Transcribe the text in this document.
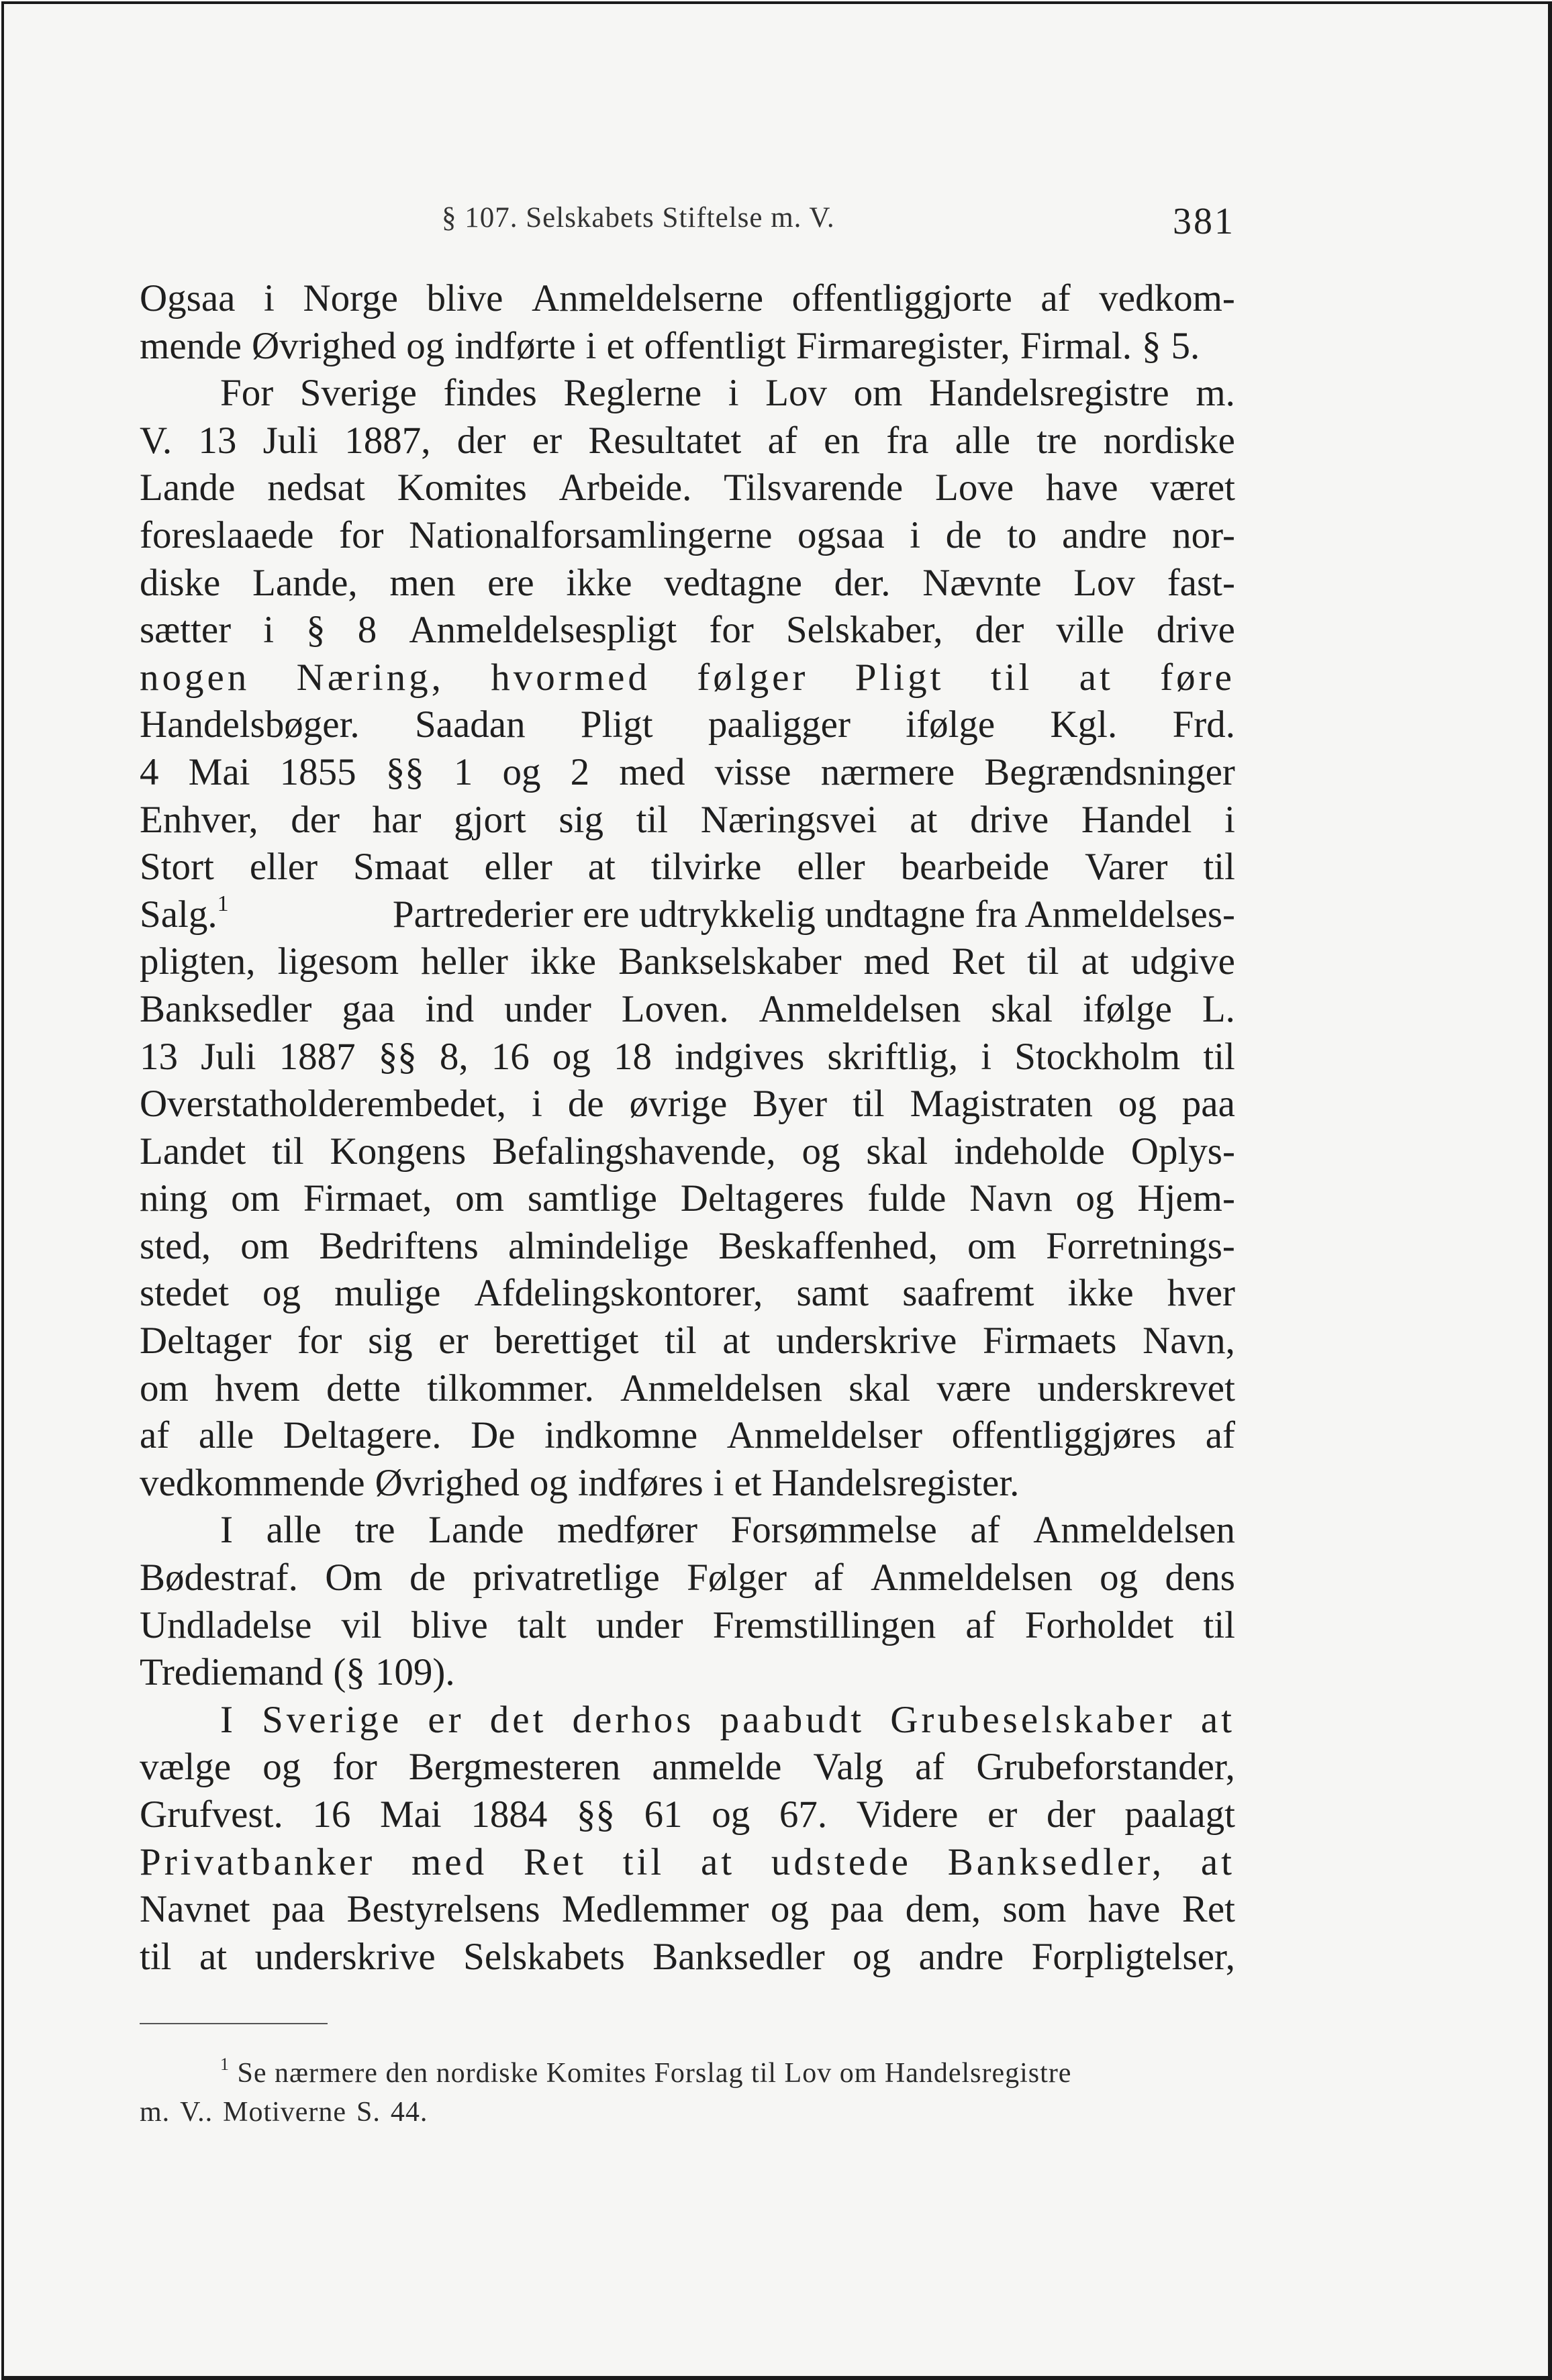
§ 107. Selskabets Stiftelse m. V.	381
Ogsaa i Norge blive Anmeldelserne offentliggjorte af vedkom-
mende Øvrighed og indførte i et offentligt Firmaregister, Firmal. § 5.
For Sverige findes Reglerne i Lov om Handelsregistre m.
V. 13 Juli 1887, der er Resultatet af en fra alle tre nordiske
Lande nedsat Komites Arbeide. Tilsvarende Love have været
foreslaaede for Nationalforsamlingerne ogsaa i de to andre nor-
diske Lande, men ere ikke vedtagne der. Nævnte Lov fast-
sætter i § 8 Anmeldelsespligt for Selskaber, der ville drive
nogen Næring, hvormed følger Pligt til at føre
Handelsbøger. Saadan Pligt paaligger ifølge Kgl. Frd.
4 Mai 1855 §§ 1 og 2 med visse nærmere Begrændsninger
Enhver, der har gjort sig til Næringsvei at drive Handel i
Stort eller Smaat eller at tilvirke eller bearbeide Varer til
Salg.$^1$	Partrederier ere udtrykkelig undtagne fra Anmeldelses-
pligten, ligesom heller ikke Bankselskaber med Ret til at udgive
Banksedler gaa ind under Loven. Anmeldelsen skal ifølge L.
13 Juli 1887 §§ 8, 16 og 18 indgives skriftlig, i Stockholm til
Overstatholderembedet, i de øvrige Byer til Magistraten og paa
Landet til Kongens Befalingshavende, og skal indeholde Oplys-
ning om Firmaet, om samtlige Deltageres fulde Navn og Hjem-
sted, om Bedriftens almindelige Beskaffenhed, om Forretnings-
stedet og mulige Afdelingskontorer, samt saafremt ikke hver
Deltager for sig er berettiget til at underskrive Firmaets Navn,
om hvem dette tilkommer. Anmeldelsen skal være underskrevet
af alle Deltagere. De indkomne Anmeldelser offentliggjøres af
vedkommende Øvrighed og indføres i et Handelsregister.
I alle tre Lande medfører Forsømmelse af Anmeldelsen
Bødestraf. Om de privatretlige Følger af Anmeldelsen og dens
Undladelse vil blive talt under Fremstillingen af Forholdet til
Trediemand (§ 109).
I Sverige er det derhos paabudt Grubeselskaber at
vælge og for Bergmesteren anmelde Valg af Grubeforstander,
Grufvest. 16 Mai 1884 §§ 61 og 67. Videre er der paalagt
Privatbanker med Ret til at udstede Banksedler, at
Navnet paa Bestyrelsens Medlemmer og paa dem, som have Ret
til at underskrive Selskabets Banksedler og andre Forpligtelser,
$^1$ Se nærmere den nordiske Komites Forslag til Lov om Handelsregistre
m. V.. Motiverne S. 44.
